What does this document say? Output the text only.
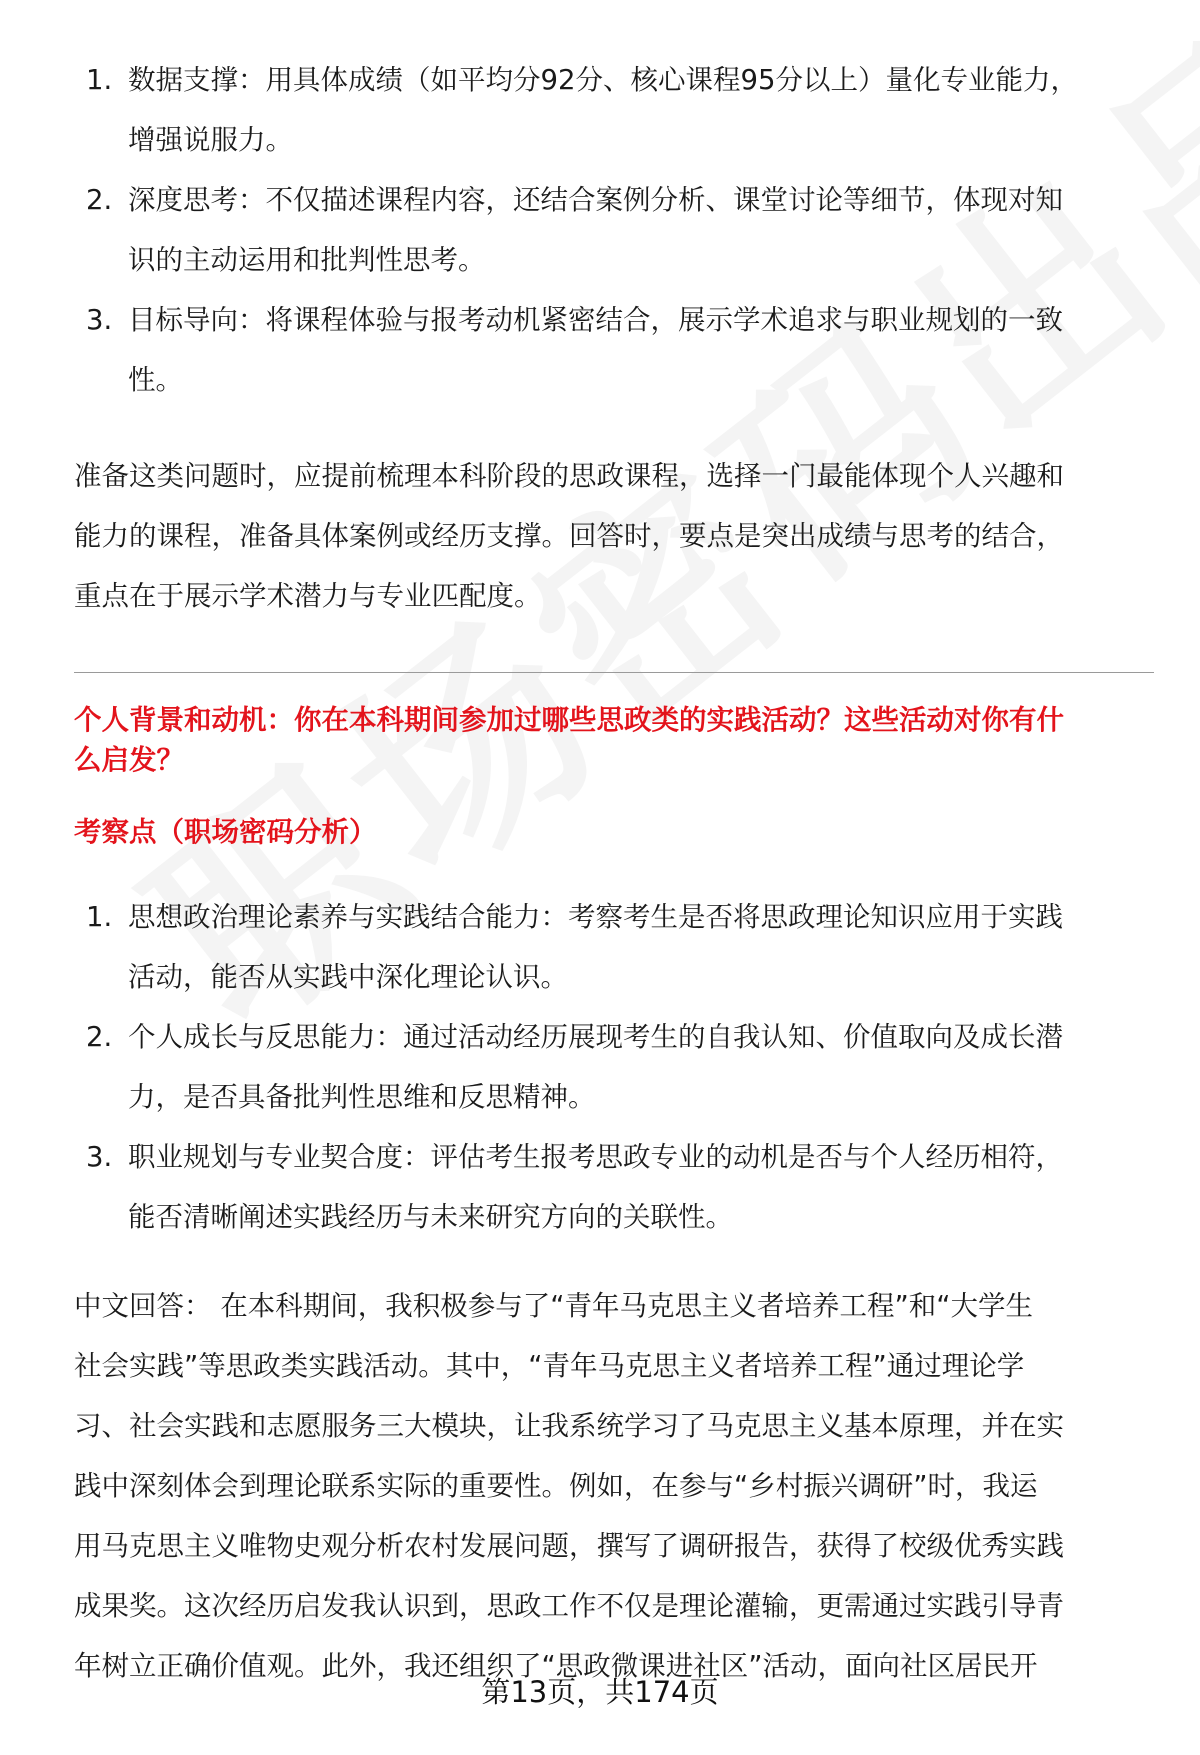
1. 数据支撑：用具体成绩（如平均分92分、核心课程95分以上）量化专业能力，
增强说服力。
2. 深度思考：不仅描述课程内容，还结合案例分析、课堂讨论等细节，体现对知
识的主动运用和批判性思考。
3. 目标导向：将课程体验与报考动机紧密结合，展示学术追求与职业规划的一致
性。

准备这类问题时，应提前梳理本科阶段的思政课程，选择一门最能体现个人兴趣和
能力的课程，准备具体案例或经历支撑。回答时，要点是突出成绩与思考的结合，
重点在于展示学术潜力与专业匹配度。

个人背景和动机：你在本科期间参加过哪些思政类的实践活动？这些活动对你有什
么启发？

考察点（职场密码分析）

1. 思想政治理论素养与实践结合能力：考察考生是否将思政理论知识应用于实践
活动，能否从实践中深化理论认识。
2. 个人成长与反思能力：通过活动经历展现考生的自我认知、价值取向及成长潜
力，是否具备批判性思维和反思精神。
3. 职业规划与专业契合度：评估考生报考思政专业的动机是否与个人经历相符，
能否清晰阐述实践经历与未来研究方向的关联性。

中文回答： 在本科期间，我积极参与了“青年马克思主义者培养工程”和“大学生
社会实践”等思政类实践活动。其中，“青年马克思主义者培养工程”通过理论学
习、社会实践和志愿服务三大模块，让我系统学习了马克思主义基本原理，并在实
践中深刻体会到理论联系实际的重要性。例如，在参与“乡村振兴调研”时，我运
用马克思主义唯物史观分析农村发展问题，撰写了调研报告，获得了校级优秀实践
成果奖。这次经历启发我认识到，思政工作不仅是理论灌输，更需通过实践引导青
年树立正确价值观。此外，我还组织了“思政微课进社区”活动，面向社区居民开

第13页，共174页
